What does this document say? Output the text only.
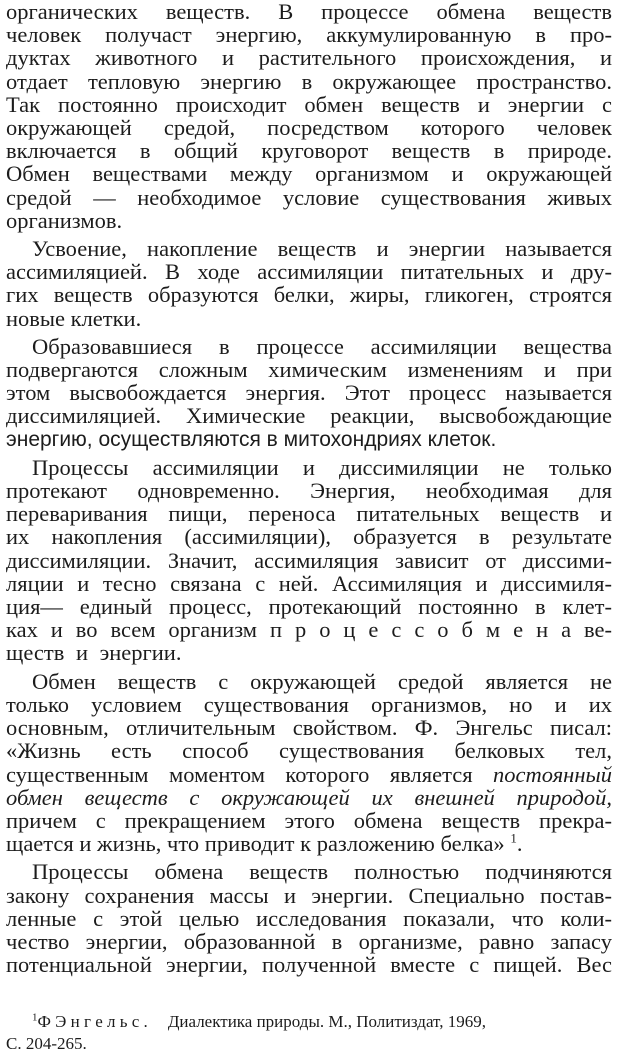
органических веществ. В процессе обмена веществ
человек получаст энергию, аккумулированную в про-
дуктах животного и растительного происхождения, и
отдает тепловую энергию в окружающее пространство.
Так постоянно происходит обмен веществ и энергии с
окружающей средой, посредством которого человек
включается в общий круговорот веществ в природе.
Обмен веществами между организмом и окружающей
средой — необходимое условие существования живых
организмов.
Усвоение, накопление веществ и энергии называется
ассимиляцией. В ходе ассимиляции питательных и дру-
гих веществ образуются белки, жиры, гликоген, строятся
новые клетки.
Образовавшиеся в процессе ассимиляции вещества
подвергаются сложным химическим изменениям и при
этом высвобождается энергия. Этот процесс называется
диссимиляцией. Химические реакции, высвобождающие
энергию, осуществляются в митохондриях клеток.
Процессы ассимиляции и диссимиляции не только
протекают одновременно. Энергия, необходимая для
переваривания пищи, переноса питательных веществ и
их накопления (ассимиляции), образуется в результате
диссимиляции. Значит, ассимиляция зависит от диссими-
ляции и тесно связана с ней. Ассимиляция и диссимиля-
ция— единый процесс, протекающий постоянно в клет-
ках и во всем организм п р о ц е с с о б м е н а ве-
ществ и энергии.
Обмен веществ с окружающей средой является не
только условием существования организмов, но и их
основным, отличительным свойством. Ф. Энгельс писал:
«Жизнь есть способ существования белковых тел,
существенным моментом которого является постоянный
обмен веществ с окружающей их внешней природой,
причем с прекращением этого обмена веществ прекра-
щается и жизнь, что приводит к разложению белка» $^1$.
Процессы обмена веществ полностью подчиняются
закону сохранения массы и энергии. Специально постав-
ленные с этой целью исследования показали, что коли-
чество энергии, образованной в организме, равно запасу
потенциальной энергии, полученной вместе с пищей. Вес
$^1$Ф Э н г е л ь с . Диалектика природы. М., Политиздат, 1969,
С. 204-265.
